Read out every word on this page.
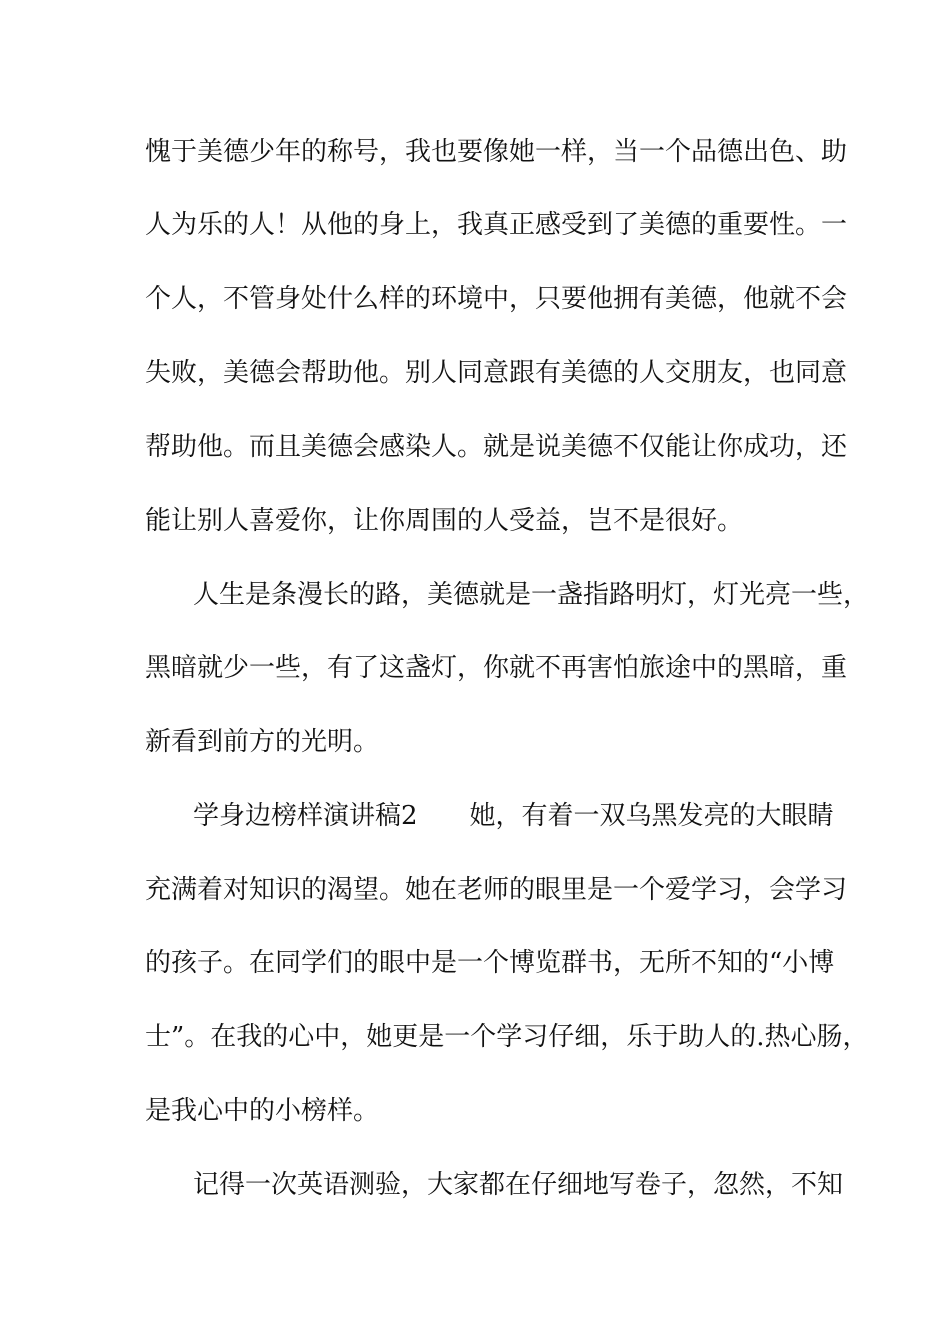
愧于美德少年的称号，我也要像她一样，当一个品德出色、助
人为乐的人！从他的身上，我真正感受到了美德的重要性。一
个人，不管身处什么样的环境中，只要他拥有美德，他就不会
失败，美德会帮助他。别人同意跟有美德的人交朋友，也同意
帮助他。而且美德会感染人。就是说美德不仅能让你成功，还
能让别人喜爱你，让你周围的人受益，岂不是很好。
人生是条漫长的路，美德就是一盏指路明灯，灯光亮一些，
黑暗就少一些，有了这盏灯，你就不再害怕旅途中的黑暗，重
新看到前方的光明。
学身边榜样演讲稿2 她，有着一双乌黑发亮的大眼睛
充满着对知识的渴望。她在老师的眼里是一个爱学习，会学习
的孩子。在同学们的眼中是一个博览群书，无所不知的“小博
士”。在我的心中，她更是一个学习仔细，乐于助人的.热心肠，
是我心中的小榜样。
记得一次英语测验，大家都在仔细地写卷子，忽然，不知
